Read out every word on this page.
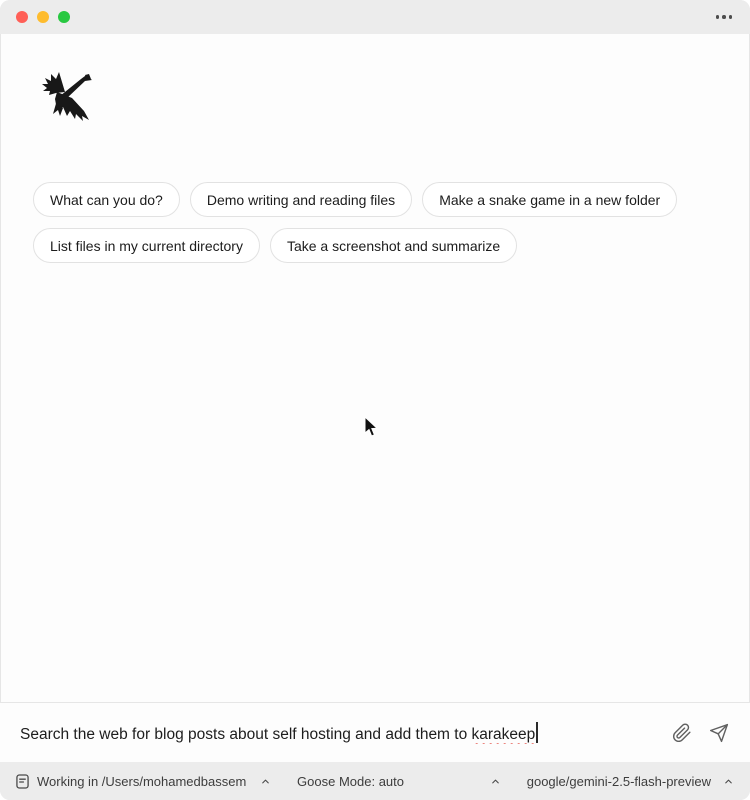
What can you do?	Demo writing and reading files	Make a snake game in a new folder
List files in my current directory	Take a screenshot and summarize
Search the web for blog posts about self hosting and add them to karakeep
Working in /Users/mohamedbassem	Goose Mode: auto	google/gemini-2.5-flash-preview
